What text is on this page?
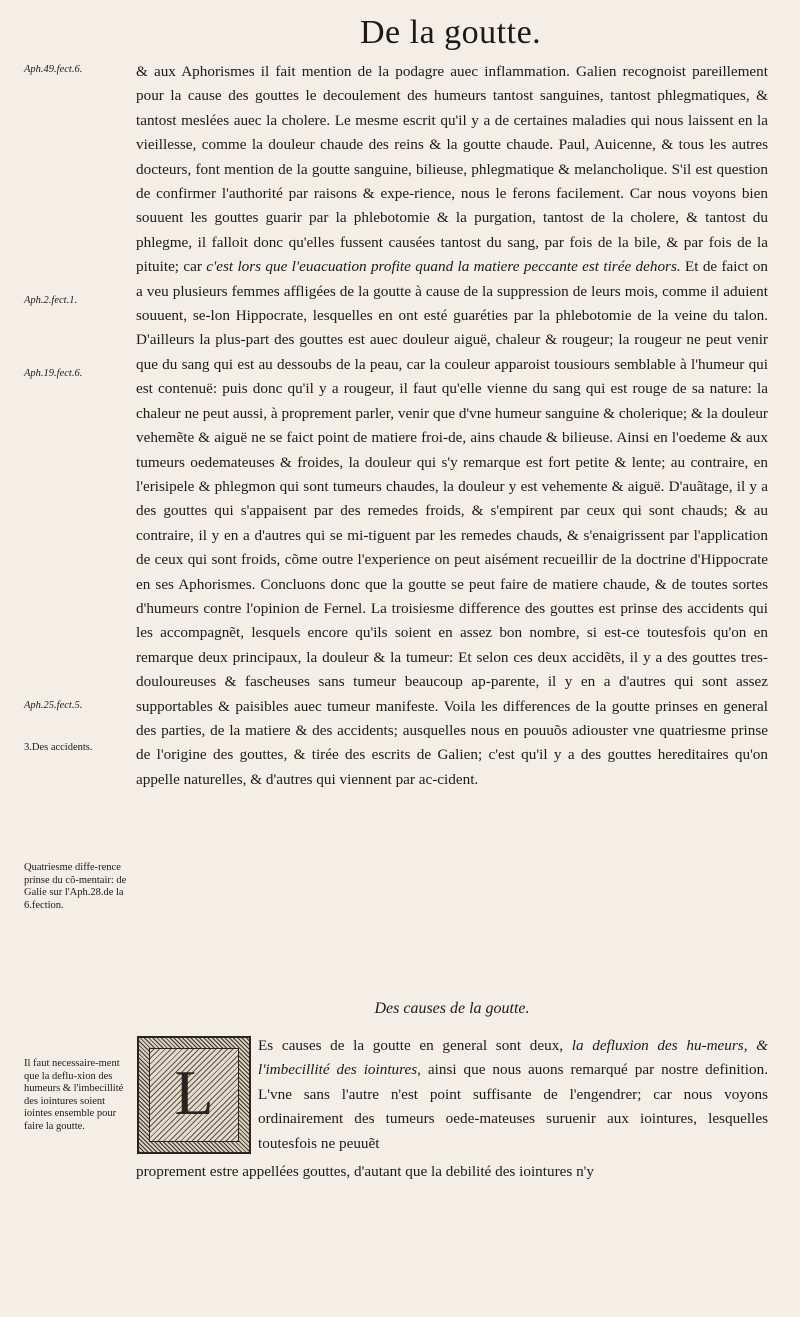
De la goutte.
Aph.49.fect.6.
Aph.2.fect.1.
Aph.19.fect.6.
Aph.25.fect.5.
3.Des accidents.
Quatriesme diffe-rence prinse du cõ-mentair: de Galie sur l'Aph.28.de la 6.fection.
Il faut necessaire-ment que la deflu-xion des humeurs & l'imbecillité des iointures soient iointes ensemble pour faire la goutte.

& aux Aphorismes il fait mention de la podagre auec inflammation. Galien recognoist pareillement pour la cause des gouttes le decoulement des humeurs tantost sanguines, tantost phlegmatiques, & tantost meslées auec la cholere. Le mesme escrit qu'il y a de certaines maladies qui nous laissent en la vieillesse, comme la douleur chaude des reins & la goutte chaude. Paul, Auicenne, & tous les autres docteurs, font mention de la goutte sanguine, bilieuse, phlegmatique & melancholique. S'il est question de confirmer l'authorité par raisons & expe-rience, nous le ferons facilement. Car nous voyons bien souuent les gouttes guarir par la phlebotomie & la purgation, tantost de la cholere, & tantost du phlegme, il falloit donc qu'elles fussent causées tantost du sang, par fois de la bile, & par fois de la pituite; car c'est lors que l'euacuation profite quand la matiere peccante est tirée dehors. Et de faict on a veu plusieurs femmes affligées de la goutte à cause de la suppression de leurs mois, comme il aduient souuent, se-lon Hippocrate, lesquelles en ont esté guaréties par la phlebotomie de la veine du talon. D'ailleurs la plus-part des gouttes est auec douleur aiguë, chaleur & rougeur; la rougeur ne peut venir que du sang qui est au dessoubs de la peau, car la couleur apparoist tousiours semblable à l'humeur qui est contenuë: puis donc qu'il y a rougeur, il faut qu'elle vienne du sang qui est rouge de sa nature: la chaleur ne peut aussi, à proprement parler, venir que d'vne humeur sanguine & cholerique; & la douleur vehemẽte & aiguë ne se faict point de matiere froi-de, ains chaude & bilieuse. Ainsi en l'oedeme & aux tumeurs oedemateuses & froides, la douleur qui s'y remarque est fort petite & lente; au contraire, en l'erisipele & phlegmon qui sont tumeurs chaudes, la douleur y est vehemente & aiguë. D'auãtage, il y a des gouttes qui s'appaisent par des remedes froids, & s'empirent par ceux qui sont chauds; & au contraire, il y en a d'autres qui se mi-tiguent par les remedes chauds, & s'enaigrissent par l'application de ceux qui sont froids, cõme outre l'experience on peut aisément recueillir de la doctrine d'Hippocrate en ses Aphorismes. Concluons donc que la goutte se peut faire de matiere chaude, & de toutes sortes d'humeurs contre l'opinion de Fernel. La troisiesme difference des gouttes est prinse des accidents qui les accompagnẽt, lesquels encore qu'ils soient en assez bon nombre, si est-ce toutesfois qu'on en remarque deux principaux, la douleur & la tumeur: Et selon ces deux accidẽts, il y a des gouttes tres-douloureuses & fascheuses sans tumeur beaucoup ap-parente, il y en a d'autres qui sont assez supportables & paisibles auec tumeur manifeste. Voila les differences de la goutte prinses en general des parties, de la matiere & des accidents; ausquelles nous en pouuõs adiouster vne quatriesme prinse de l'origine des gouttes, & tirée des escrits de Galien; c'est qu'il y a des gouttes hereditaires qu'on appelle naturelles, & d'autres qui viennent par ac-cident.

Des causes de la goutte.
L
Es causes de la goutte en general sont deux, la defluxion des hu-meurs, & l'imbecillité des iointures, ainsi que nous auons remarqué par nostre definition. L'vne sans l'autre n'est point suffisante de l'engendrer; car nous voyons ordinairement des tumeurs oede-mateuses suruenir aux iointures, lesquelles toutesfois ne peuuẽt
proprement estre appellées gouttes, d'autant que la debilité des iointures n'y
